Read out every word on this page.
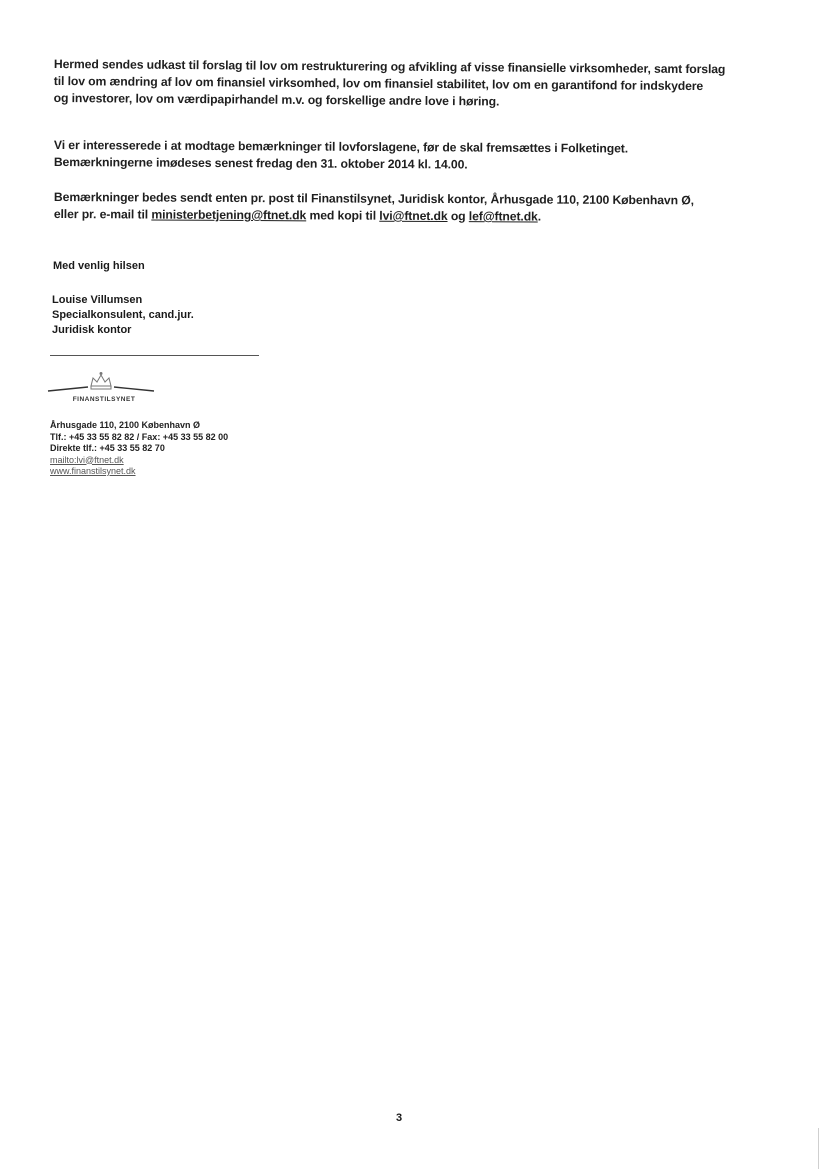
Hermed sendes udkast til forslag til lov om restrukturering og afvikling af visse finansielle virksomheder, samt forslag
til lov om ændring af lov om finansiel virksomhed, lov om finansiel stabilitet, lov om en garantifond for indskydere
og investorer, lov om værdipapirhandel m.v. og forskellige andre love i høring.
Vi er interesserede i at modtage bemærkninger til lovforslagene, før de skal fremsættes i Folketinget.
Bemærkningerne imødeses senest fredag den 31. oktober 2014 kl. 14.00.
Bemærkninger bedes sendt enten pr. post til Finanstilsynet, Juridisk kontor, Århusgade 110, 2100 København Ø,
eller pr. e-mail til ministerbetjening@ftnet.dk med kopi til lvi@ftnet.dk og lef@ftnet.dk.
Med venlig hilsen
Louise Villumsen
Specialkonsulent, cand.jur.
Juridisk kontor
FINANSTILSYNET
Århusgade 110, 2100 København Ø
Tlf.: +45 33 55 82 82 / Fax: +45 33 55 82 00
Direkte tlf.: +45 33 55 82 70
mailto:lvi@ftnet.dk
www.finanstilsynet.dk
3
